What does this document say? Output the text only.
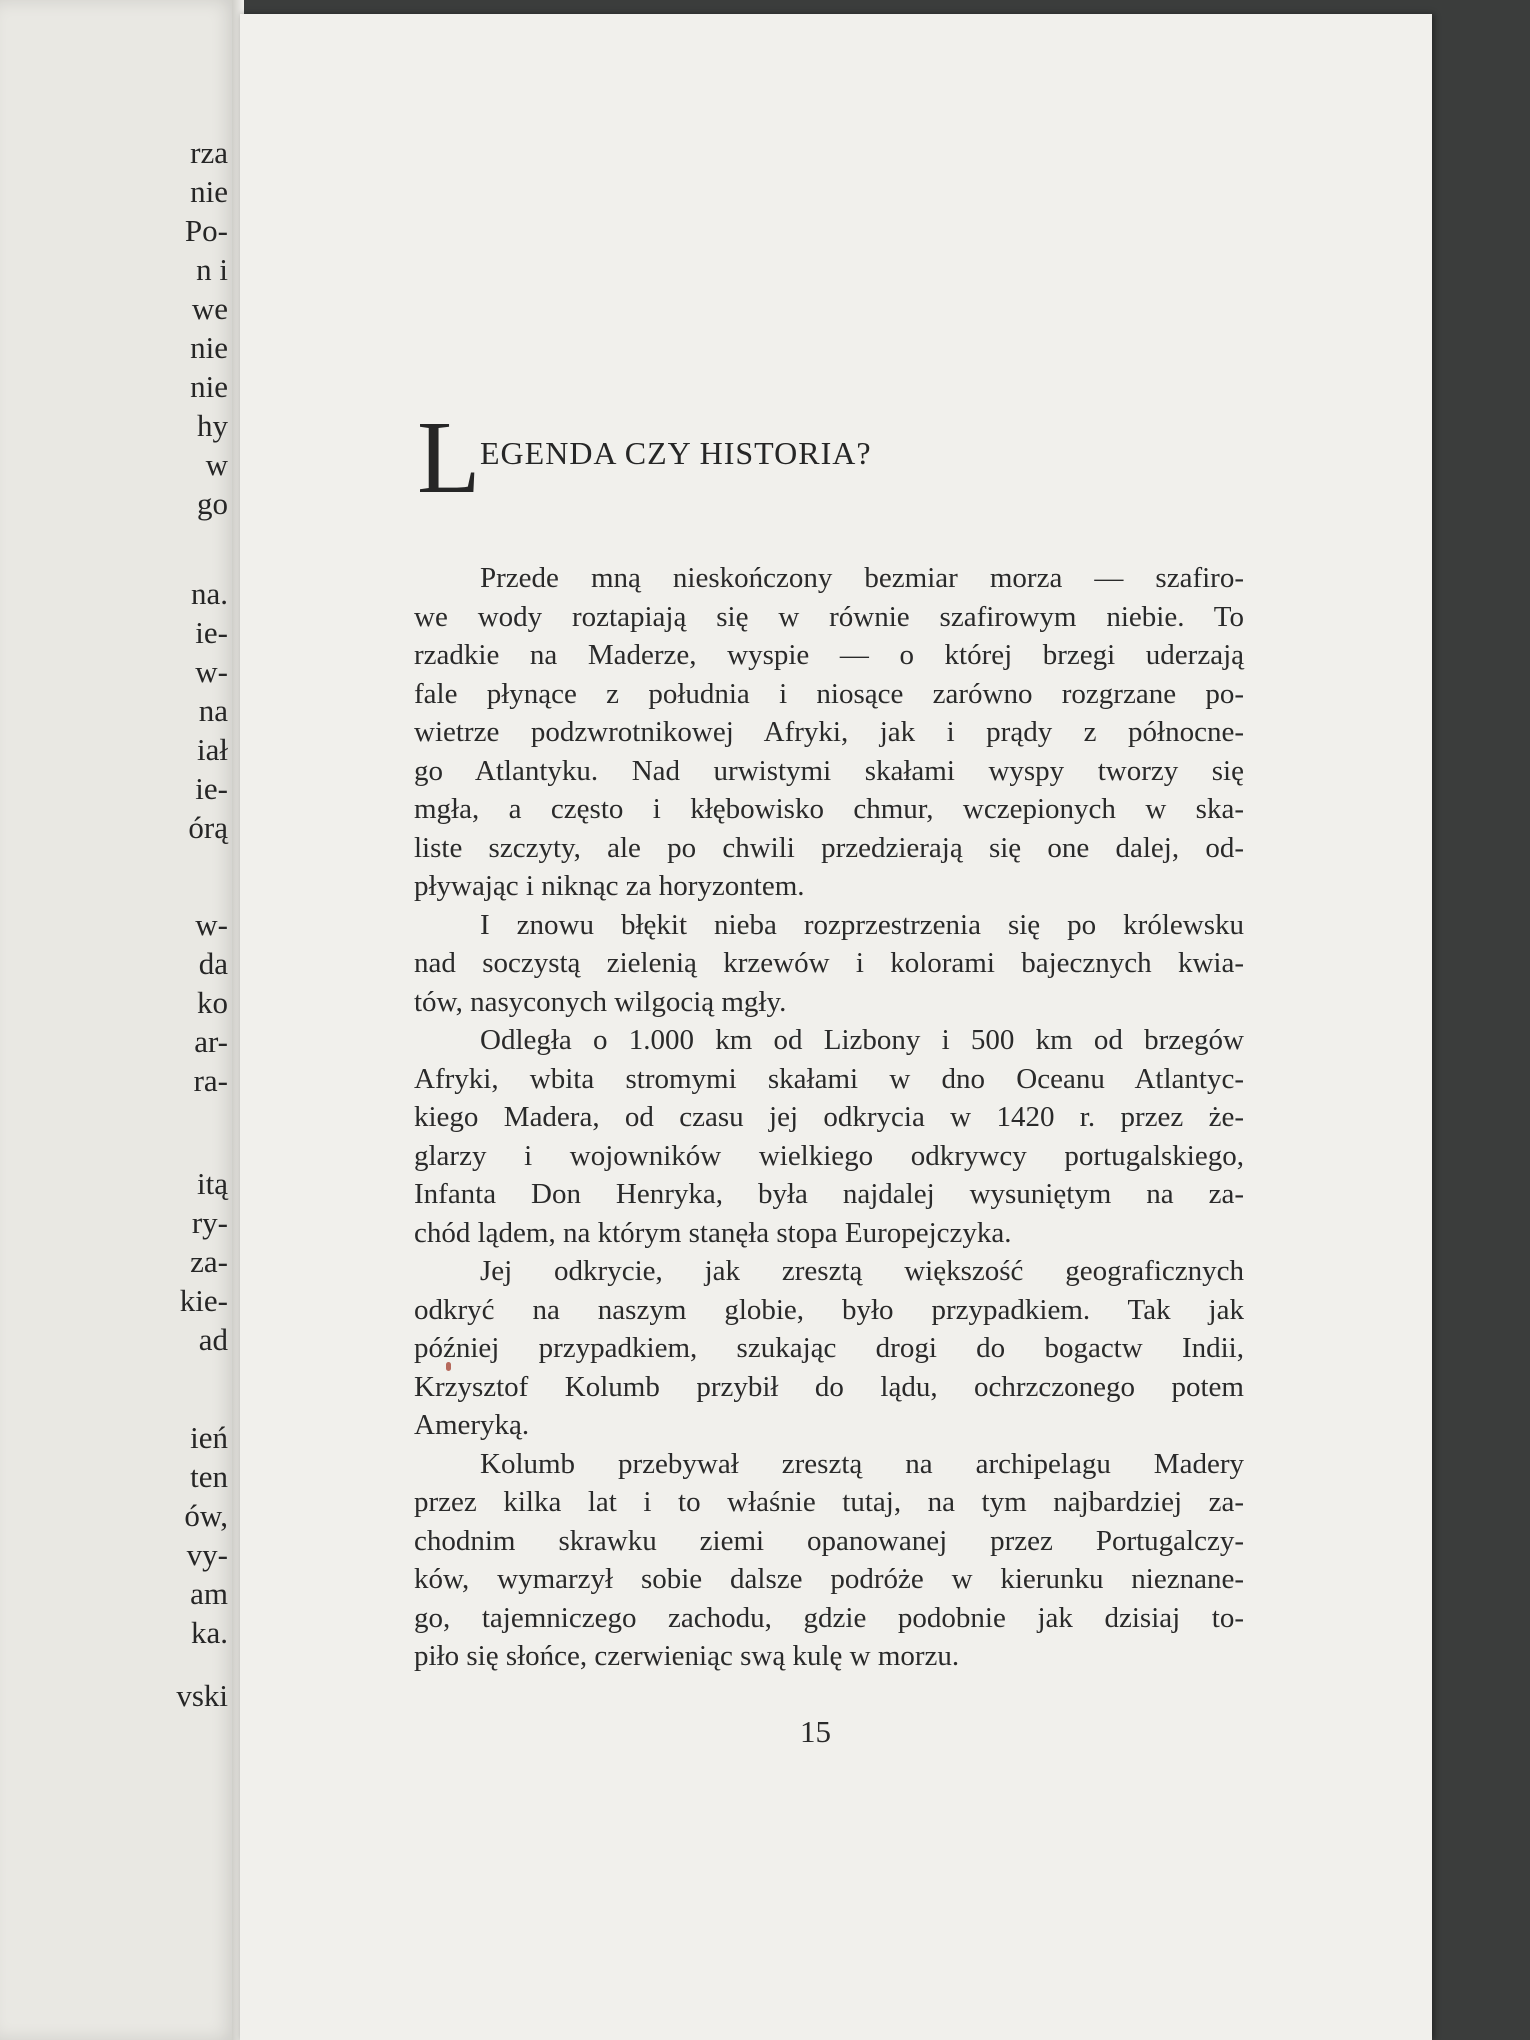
rza
nie
Po-
n i
we
nie
nie
hy
w
go
na.
ie-
w-
na
iał
ie-
órą
w-
da
ko
ar-
ra-
itą
ry-
za-
kie-
ad
ień
ten
ów,
vy-
am
ka.
vski
L EGENDA CZY HISTORIA?
Przede mną nieskończony bezmiar morza — szafiro-
we wody roztapiają się w równie szafirowym niebie. To
rzadkie na Maderze, wyspie — o której brzegi uderzają
fale płynące z południa i niosące zarówno rozgrzane po-
wietrze podzwrotnikowej Afryki, jak i prądy z północne-
go Atlantyku. Nad urwistymi skałami wyspy tworzy się
mgła, a często i kłębowisko chmur, wczepionych w ska-
liste szczyty, ale po chwili przedzierają się one dalej, od-
pływając i niknąc za horyzontem.
I znowu błękit nieba rozprzestrzenia się po królewsku
nad soczystą zielenią krzewów i kolorami bajecznych kwia-
tów, nasyconych wilgocią mgły.
Odległa o 1.000 km od Lizbony i 500 km od brzegów
Afryki, wbita stromymi skałami w dno Oceanu Atlantyc-
kiego Madera, od czasu jej odkrycia w 1420 r. przez że-
glarzy i wojowników wielkiego odkrywcy portugalskiego,
Infanta Don Henryka, była najdalej wysuniętym na za-
chód lądem, na którym stanęła stopa Europejczyka.
Jej odkrycie, jak zresztą większość geograficznych
odkryć na naszym globie, było przypadkiem. Tak jak
później przypadkiem, szukając drogi do bogactw Indii,
Krzysztof Kolumb przybił do lądu, ochrzczonego potem
Ameryką.
Kolumb przebywał zresztą na archipelagu Madery
przez kilka lat i to właśnie tutaj, na tym najbardziej za-
chodnim skrawku ziemi opanowanej przez Portugalczy-
ków, wymarzył sobie dalsze podróże w kierunku nieznane-
go, tajemniczego zachodu, gdzie podobnie jak dzisiaj to-
piło się słońce, czerwieniąc swą kulę w morzu.
15
